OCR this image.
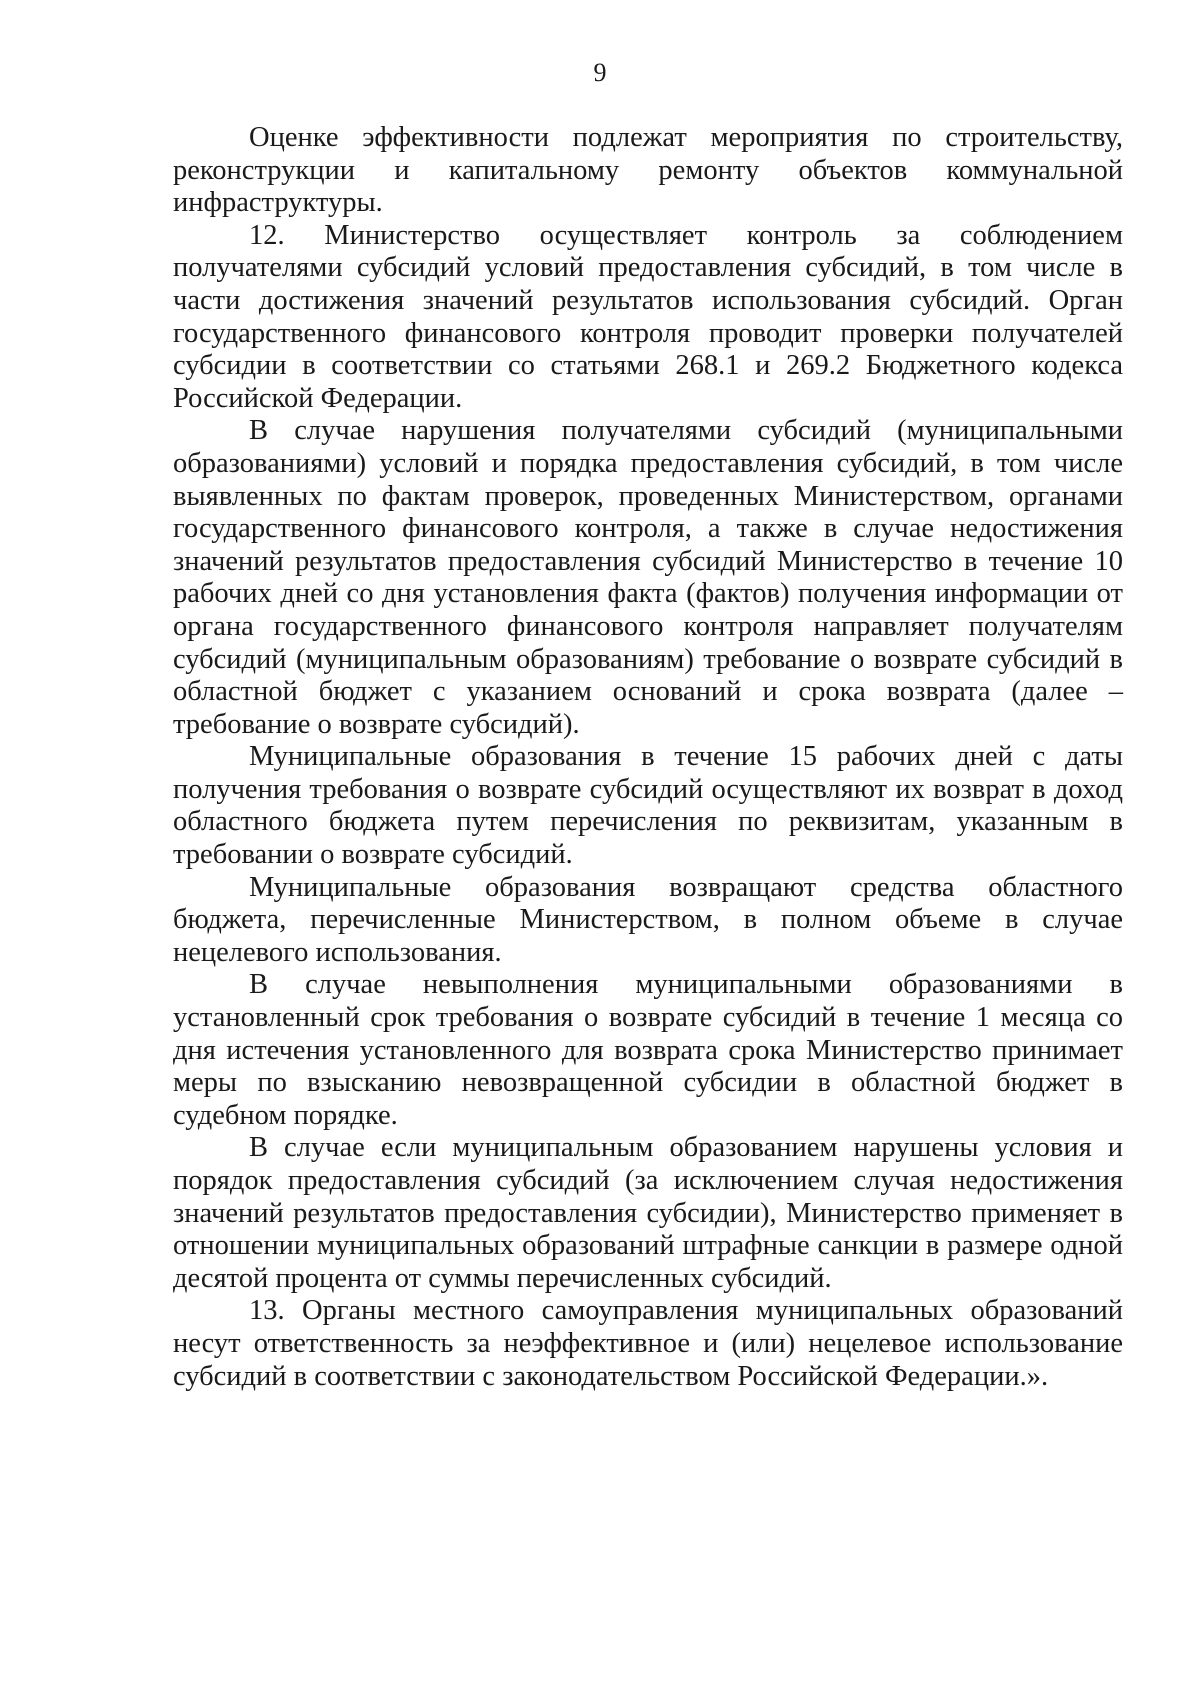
9

Оценке эффективности подлежат мероприятия по строительству, реконструкции и капитальному ремонту объектов коммунальной инфраструктуры.

12. Министерство осуществляет контроль за соблюдением получателями субсидий условий предоставления субсидий, в том числе в части достижения значений результатов использования субсидий. Орган государственного финансового контроля проводит проверки получателей субсидии в соответствии со статьями 268.1 и 269.2 Бюджетного кодекса Российской Федерации.

В случае нарушения получателями субсидий (муниципальными образованиями) условий и порядка предоставления субсидий, в том числе выявленных по фактам проверок, проведенных Министерством, органами государственного финансового контроля, а также в случае недостижения значений результатов предоставления субсидий Министерство в течение 10 рабочих дней со дня установления факта (фактов) получения информации от органа государственного финансового контроля направляет получателям субсидий (муниципальным образованиям) требование о возврате субсидий в областной бюджет с указанием оснований и срока возврата (далее – требование о возврате субсидий).

Муниципальные образования в течение 15 рабочих дней с даты получения требования о возврате субсидий осуществляют их возврат в доход областного бюджета путем перечисления по реквизитам, указанным в требовании о возврате субсидий.

Муниципальные образования возвращают средства областного бюджета, перечисленные Министерством, в полном объеме в случае нецелевого использования.

В случае невыполнения муниципальными образованиями в установленный срок требования о возврате субсидий в течение 1 месяца со дня истечения установленного для возврата срока Министерство принимает меры по взысканию невозвращенной субсидии в областной бюджет в судебном порядке.

В случае если муниципальным образованием нарушены условия и порядок предоставления субсидий (за исключением случая недостижения значений результатов предоставления субсидии), Министерство применяет в отношении муниципальных образований штрафные санкции в размере одной десятой процента от суммы перечисленных субсидий.

13. Органы местного самоуправления муниципальных образований несут ответственность за неэффективное и (или) нецелевое использование субсидий в соответствии с законодательством Российской Федерации.».
